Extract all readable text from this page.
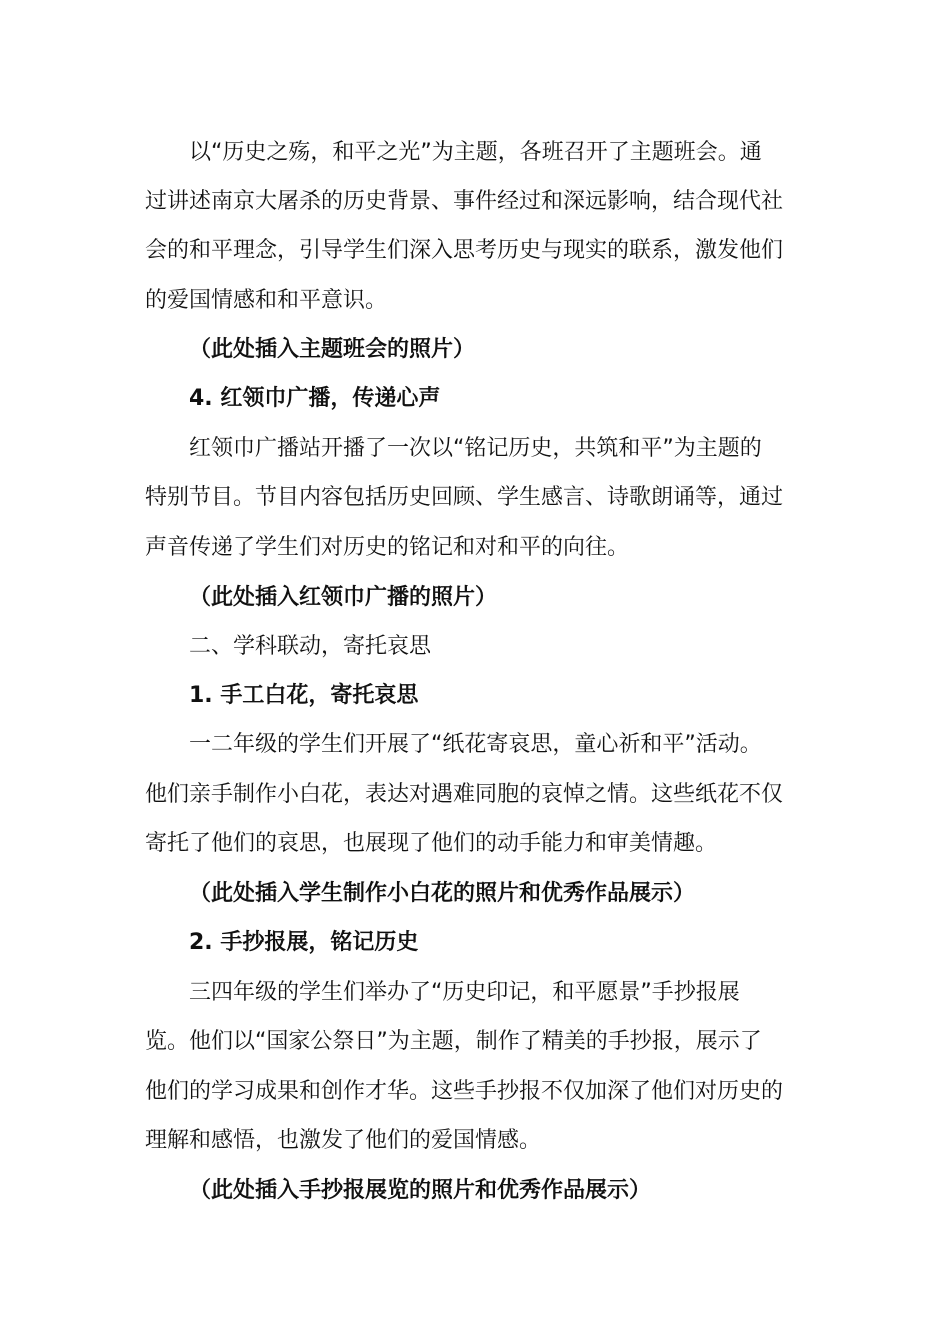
以“历史之殇，和平之光”为主题，各班召开了主题班会。通
过讲述南京大屠杀的历史背景、事件经过和深远影响，结合现代社
会的和平理念，引导学生们深入思考历史与现实的联系，激发他们
的爱国情感和和平意识。
（此处插入主题班会的照片）
4. 红领巾广播，传递心声
红领巾广播站开播了一次以“铭记历史，共筑和平”为主题的
特别节目。节目内容包括历史回顾、学生感言、诗歌朗诵等，通过
声音传递了学生们对历史的铭记和对和平的向往。
（此处插入红领巾广播的照片）
二、学科联动，寄托哀思
1. 手工白花，寄托哀思
一二年级的学生们开展了“纸花寄哀思，童心祈和平”活动。
他们亲手制作小白花，表达对遇难同胞的哀悼之情。这些纸花不仅
寄托了他们的哀思，也展现了他们的动手能力和审美情趣。
（此处插入学生制作小白花的照片和优秀作品展示）
2. 手抄报展，铭记历史
三四年级的学生们举办了“历史印记，和平愿景”手抄报展
览。他们以“国家公祭日”为主题，制作了精美的手抄报，展示了
他们的学习成果和创作才华。这些手抄报不仅加深了他们对历史的
理解和感悟，也激发了他们的爱国情感。
（此处插入手抄报展览的照片和优秀作品展示）
